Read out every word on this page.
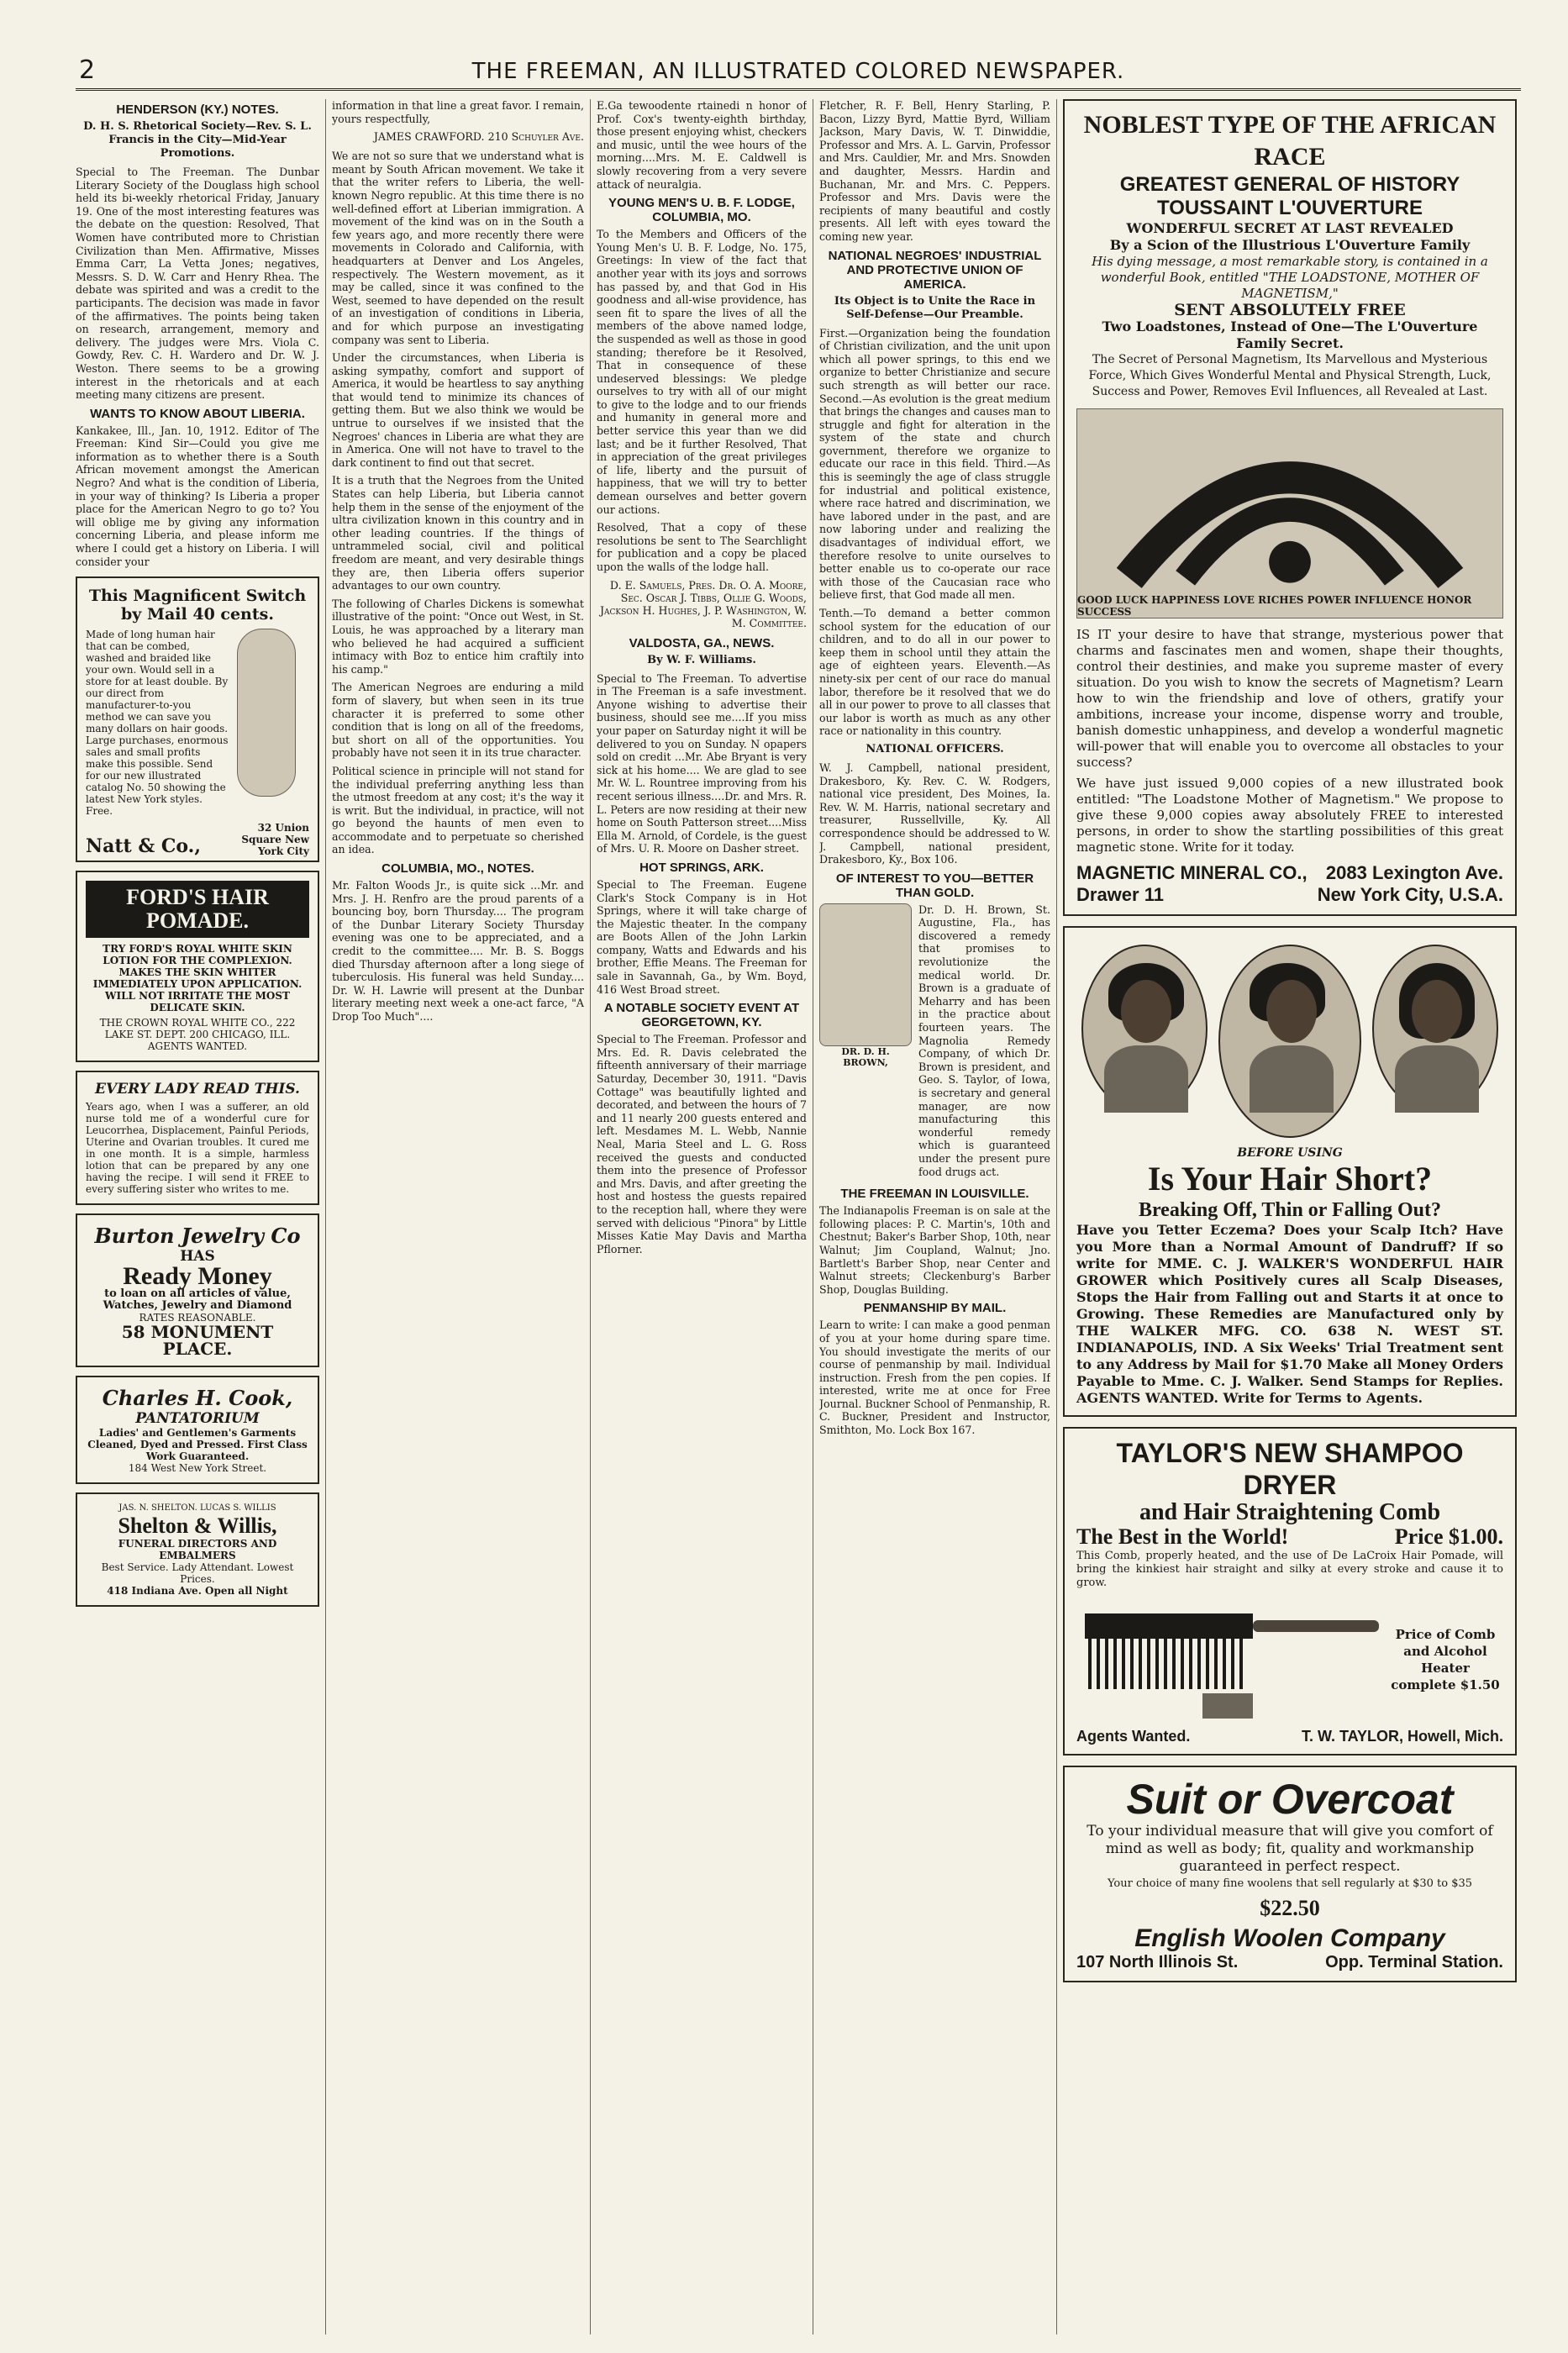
2	THE FREEMAN, AN ILLUSTRATED COLORED NEWSPAPER.
HENDERSON (KY.) NOTES.
D. H. S. Rhetorical Society—Rev. S. L. Francis in the City—Mid-Year Promotions.

Special to The Freeman. The Dunbar Literary Society of the Douglass high school held its bi-weekly rhetorical Friday, January 19. One of the most interesting features was the debate on the question: Resolved, That Women have contributed more to Christian Civilization than Men. Affirmative, Misses Emma Carr, La Vetta Jones; negatives, Messrs. S. D. W. Carr and Henry Rhea. The debate was spirited and was a credit to the participants. The decision was made in favor of the affirmatives. The points being taken on research, arrangement, memory and delivery. The judges were Mrs. Viola C. Gowdy, Rev. C. H. Wardero and Dr. W. J. Weston. There seems to be a growing interest in the rhetoricals and at each meeting many citizens are present.

WANTS TO KNOW ABOUT LIBERIA.

Kankakee, Ill., Jan. 10, 1912. Editor of The Freeman: Kind Sir—Could you give me information as to whether there is a South African movement amongst the American Negro? And what is the condition of Liberia, in your way of thinking? Is Liberia a proper place for the American Negro to go to? You will oblige me by giving any information concerning Liberia, and please inform me where I could get a history on Liberia. I will consider your

This Magnificent Switch by Mail 40 cents.
Made of long human hair that can be combed, washed and braided like your own. Would sell in a store for at least double. By our direct from manufacturer-to-you method we can save you many dollars on hair goods. Large purchases, enormous sales and small profits make this possible. Send for our new illustrated catalog No. 50 showing the latest New York styles. Free.
Natt & Co.,
32 Union Square New York City
FORD'S HAIR POMADE.
TRY FORD'S ROYAL WHITE SKIN LOTION FOR THE COMPLEXION. MAKES THE SKIN WHITER IMMEDIATELY UPON APPLICATION. WILL NOT IRRITATE THE MOST DELICATE SKIN.
THE CROWN ROYAL WHITE CO., 222 LAKE ST. DEPT. 200 CHICAGO, ILL. AGENTS WANTED.
EVERY LADY READ THIS.
Years ago, when I was a sufferer, an old nurse told me of a wonderful cure for Leucorrhea, Displacement, Painful Periods, Uterine and Ovarian troubles. It cured me in one month. It is a simple, harmless lotion that can be prepared by any one having the recipe. I will send it FREE to every suffering sister who writes to me.
Burton Jewelry Co
HAS
Ready Money
to loan on all articles of value, Watches, Jewelry and Diamond
RATES REASONABLE.
58 MONUMENT PLACE.
Charles H. Cook,
PANTATORIUM
Ladies' and Gentlemen's Garments Cleaned, Dyed and Pressed. First Class Work Guaranteed.
184 West New York Street.
JAS. N. SHELTON. LUCAS S. WILLIS
Shelton & Willis,
FUNERAL DIRECTORS AND EMBALMERS
Best Service. Lady Attendant. Lowest Prices.
418 Indiana Ave. Open all Night

information in that line a great favor. I remain, yours respectfully,

JAMES CRAWFORD. 210 Schuyler Ave.

We are not so sure that we understand what is meant by South African movement. We take it that the writer refers to Liberia, the well-known Negro republic. At this time there is no well-defined effort at Liberian immigration. A movement of the kind was on in the South a few years ago, and more recently there were movements in Colorado and California, with headquarters at Denver and Los Angeles, respectively. The Western movement, as it may be called, since it was confined to the West, seemed to have depended on the result of an investigation of conditions in Liberia, and for which purpose an investigating company was sent to Liberia.

Under the circumstances, when Liberia is asking sympathy, comfort and support of America, it would be heartless to say anything that would tend to minimize its chances of getting them. But we also think we would be untrue to ourselves if we insisted that the Negroes' chances in Liberia are what they are in America. One will not have to travel to the dark continent to find out that secret.

It is a truth that the Negroes from the United States can help Liberia, but Liberia cannot help them in the sense of the enjoyment of the ultra civilization known in this country and in other leading countries. If the things of untrammeled social, civil and political freedom are meant, and very desirable things they are, then Liberia offers superior advantages to our own country.

The following of Charles Dickens is somewhat illustrative of the point: "Once out West, in St. Louis, he was approached by a literary man who believed he had acquired a sufficient intimacy with Boz to entice him craftily into his camp."

The American Negroes are enduring a mild form of slavery, but when seen in its true character it is preferred to some other condition that is long on all of the freedoms, but short on all of the opportunities. You probably have not seen it in its true character.

Political science in principle will not stand for the individual preferring anything less than the utmost freedom at any cost; it's the way it is writ. But the individual, in practice, will not go beyond the haunts of men even to accommodate and to perpetuate so cherished an idea.

COLUMBIA, MO., NOTES.

Mr. Falton Woods Jr., is quite sick ...Mr. and Mrs. J. H. Renfro are the proud parents of a bouncing boy, born Thursday.... The program of the Dunbar Literary Society Thursday evening was one to be appreciated, and a credit to the committee.... Mr. B. S. Boggs died Thursday afternoon after a long siege of tuberculosis. His funeral was held Sunday.... Dr. W. H. Lawrie will present at the Dunbar literary meeting next week a one-act farce, "A Drop Too Much"....

E.Ga tewoodente rtainedi n honor of Prof. Cox's twenty-eighth birthday, those present enjoying whist, checkers and music, until the wee hours of the morning....Mrs. M. E. Caldwell is slowly recovering from a very severe attack of neuralgia.

YOUNG MEN'S U. B. F. LODGE, COLUMBIA, MO.

To the Members and Officers of the Young Men's U. B. F. Lodge, No. 175, Greetings: In view of the fact that another year with its joys and sorrows has passed by, and that God in His goodness and all-wise providence, has seen fit to spare the lives of all the members of the above named lodge, the suspended as well as those in good standing; therefore be it Resolved, That in consequence of these undeserved blessings: We pledge ourselves to try with all of our might to give to the lodge and to our friends and humanity in general more and better service this year than we did last; and be it further Resolved, That in appreciation of the great privileges of life, liberty and the pursuit of happiness, that we will try to better demean ourselves and better govern our actions.

Resolved, That a copy of these resolutions be sent to The Searchlight for publication and a copy be placed upon the walls of the lodge hall.

D. E. Samuels, Pres. Dr. O. A. Moore, Sec. Oscar J. Tibbs, Ollie G. Woods, Jackson H. Hughes, J. P. Washington, W. M. Committee.
VALDOSTA, GA., NEWS.
By W. F. Williams.

Special to The Freeman. To advertise in The Freeman is a safe investment. Anyone wishing to advertise their business, should see me....If you miss your paper on Saturday night it will be delivered to you on Sunday. N opapers sold on credit ...Mr. Abe Bryant is very sick at his home.... We are glad to see Mr. W. L. Rountree improving from his recent serious illness....Dr. and Mrs. R. L. Peters are now residing at their new home on South Patterson street....Miss Ella M. Arnold, of Cordele, is the guest of Mrs. U. R. Moore on Dasher street.

HOT SPRINGS, ARK.

Special to The Freeman. Eugene Clark's Stock Company is in Hot Springs, where it will take charge of the Majestic theater. In the company are Boots Allen of the John Larkin company, Watts and Edwards and his brother, Effie Means. The Freeman for sale in Savannah, Ga., by Wm. Boyd, 416 West Broad street.

A NOTABLE SOCIETY EVENT AT GEORGETOWN, KY.

Special to The Freeman. Professor and Mrs. Ed. R. Davis celebrated the fifteenth anniversary of their marriage Saturday, December 30, 1911. "Davis Cottage" was beautifully lighted and decorated, and between the hours of 7 and 11 nearly 200 guests entered and left. Mesdames M. L. Webb, Nannie Neal, Maria Steel and L. G. Ross received the guests and conducted them into the presence of Professor and Mrs. Davis, and after greeting the host and hostess the guests repaired to the reception hall, where they were served with delicious "Pinora" by Little Misses Katie May Davis and Martha Pflorner.

Fletcher, R. F. Bell, Henry Starling, P. Bacon, Lizzy Byrd, Mattie Byrd, William Jackson, Mary Davis, W. T. Dinwiddie, Professor and Mrs. A. L. Garvin, Professor and Mrs. Cauldier, Mr. and Mrs. Snowden and daughter, Messrs. Hardin and Buchanan, Mr. and Mrs. C. Peppers. Professor and Mrs. Davis were the recipients of many beautiful and costly presents. All left with eyes toward the coming new year.

NATIONAL NEGROES' INDUSTRIAL AND PROTECTIVE UNION OF AMERICA.
Its Object is to Unite the Race in Self-Defense—Our Preamble.

First.—Organization being the foundation of Christian civilization, and the unit upon which all power springs, to this end we organize to better Christianize and secure such strength as will better our race. Second.—As evolution is the great medium that brings the changes and causes man to struggle and fight for alteration in the system of the state and church government, therefore we organize to educate our race in this field. Third.—As this is seemingly the age of class struggle for industrial and political existence, where race hatred and discrimination, we have labored under in the past, and are now laboring under and realizing the disadvantages of individual effort, we therefore resolve to unite ourselves to better enable us to co-operate our race with those of the Caucasian race who believe first, that God made all men.

Tenth.—To demand a better common school system for the education of our children, and to do all in our power to keep them in school until they attain the age of eighteen years. Eleventh.—As ninety-six per cent of our race do manual labor, therefore be it resolved that we do all in our power to prove to all classes that our labor is worth as much as any other race or nationality in this country.

NATIONAL OFFICERS.

W. J. Campbell, national president, Drakesboro, Ky. Rev. C. W. Rodgers, national vice president, Des Moines, Ia. Rev. W. M. Harris, national secretary and treasurer, Russellville, Ky. All correspondence should be addressed to W. J. Campbell, national president, Drakesboro, Ky., Box 106.

OF INTEREST TO YOU—BETTER THAN GOLD.
DR. D. H. BROWN,

Dr. D. H. Brown, St. Augustine, Fla., has discovered a remedy that promises to revolutionize the medical world. Dr. Brown is a graduate of Meharry and has been in the practice about fourteen years. The Magnolia Remedy Company, of which Dr. Brown is president, and Geo. S. Taylor, of Iowa, is secretary and general manager, are now manufacturing this wonderful remedy which is guaranteed under the present pure food drugs act.

THE FREEMAN IN LOUISVILLE.

The Indianapolis Freeman is on sale at the following places: P. C. Martin's, 10th and Chestnut; Baker's Barber Shop, 10th, near Walnut; Jim Coupland, Walnut; Jno. Bartlett's Barber Shop, near Center and Walnut streets; Cleckenburg's Barber Shop, Douglas Building.

PENMANSHIP BY MAIL.

Learn to write: I can make a good penman of you at your home during spare time. You should investigate the merits of our course of penmanship by mail. Individual instruction. Fresh from the pen copies. If interested, write me at once for Free Journal. Buckner School of Penmanship, R. C. Buckner, President and Instructor, Smithton, Mo. Lock Box 167.

NOBLEST TYPE OF THE AFRICAN RACE
GREATEST GENERAL OF HISTORY
TOUSSAINT L'OUVERTURE
WONDERFUL SECRET AT LAST REVEALED
By a Scion of the Illustrious L'Ouverture Family
His dying message, a most remarkable story, is contained in a wonderful Book, entitled "THE LOADSTONE, MOTHER OF MAGNETISM,"
SENT ABSOLUTELY FREE
Two Loadstones, Instead of One—The L'Ouverture Family Secret.
The Secret of Personal Magnetism, Its Marvellous and Mysterious Force, Which Gives Wonderful Mental and Physical Strength, Luck, Success and Power, Removes Evil Influences, all Revealed at Last.
GOOD LUCK HAPPINESS LOVE RICHES POWER INFLUENCE HONOR SUCCESS
IS IT your desire to have that strange, mysterious power that charms and fascinates men and women, shape their thoughts, control their destinies, and make you supreme master of every situation. Do you wish to know the secrets of Magnetism? Learn how to win the friendship and love of others, gratify your ambitions, increase your income, dispense worry and trouble, banish domestic unhappiness, and develop a wonderful magnetic will-power that will enable you to overcome all obstacles to your success?
We have just issued 9,000 copies of a new illustrated book entitled: "The Loadstone Mother of Magnetism." We propose to give these 9,000 copies away absolutely FREE to interested persons, in order to show the startling possibilities of this great magnetic stone. Write for it today.
MAGNETIC MINERAL CO., 2083 Lexington Ave.
Drawer 11	New York City, U.S.A.
BEFORE USING
Is Your Hair Short?
Breaking Off, Thin or Falling Out?
Have you Tetter Eczema? Does your Scalp Itch? Have you More than a Normal Amount of Dandruff? If so write for MME. C. J. WALKER'S WONDERFUL HAIR GROWER which Positively cures all Scalp Diseases, Stops the Hair from Falling out and Starts it at once to Growing. These Remedies are Manufactured only by THE WALKER MFG. CO. 638 N. WEST ST. INDIANAPOLIS, IND. A Six Weeks' Trial Treatment sent to any Address by Mail for $1.70 Make all Money Orders Payable to Mme. C. J. Walker. Send Stamps for Replies. AGENTS WANTED. Write for Terms to Agents.
TAYLOR'S NEW SHAMPOO DRYER
and Hair Straightening Comb
The Best in the World!	Price $1.00.
This Comb, properly heated, and the use of De LaCroix Hair Pomade, will bring the kinkiest hair straight and silky at every stroke and cause it to grow.
Price of Comb and Alcohol Heater complete $1.50
Agents Wanted.	T. W. TAYLOR, Howell, Mich.
Suit or Overcoat
To your individual measure that will give you comfort of mind as well as body; fit, quality and workmanship guaranteed in perfect respect.
Your choice of many fine woolens that sell regularly at $30 to $35
$22.50
English Woolen Company
107 North Illinois St.	Opp. Terminal Station.
